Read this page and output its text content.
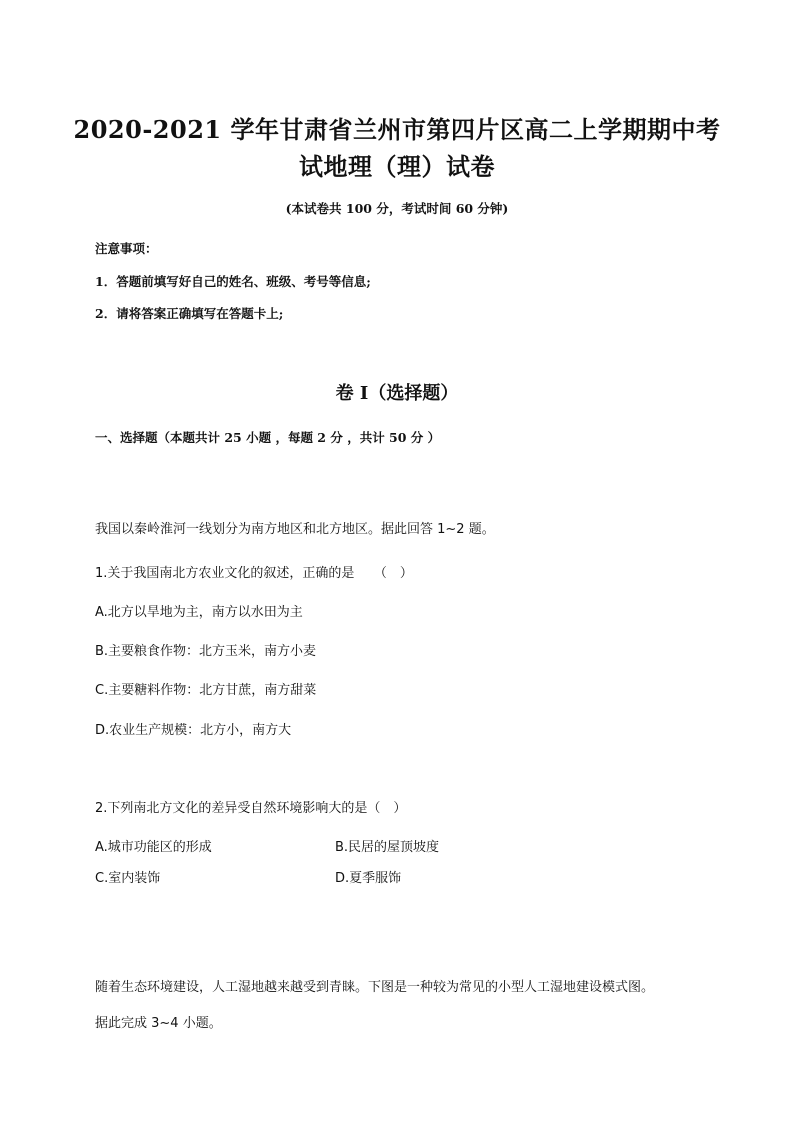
2020-2021 学年甘肃省兰州市第四片区高二上学期期中考
试地理（理）试卷
(本试卷共 100 分，考试时间 60 分钟)
注意事项：
1．答题前填写好自己的姓名、班级、考号等信息;
2．请将答案正确填写在答题卡上;
卷 I（选择题）
一、选择题（本题共计 25 小题 ，每题 2 分 ，共计 50 分 ）
我国以秦岭淮河一线划分为南方地区和北方地区。据此回答 1~2 题。
1.关于我国南北方农业文化的叙述，正确的是　　（　）
A.北方以旱地为主，南方以水田为主
B.主要粮食作物：北方玉米，南方小麦
C.主要糖料作物：北方甘蔗，南方甜菜
D.农业生产规模：北方小，南方大
2.下列南北方文化的差异受自然环境影响大的是（　）
A.城市功能区的形成	B.民居的屋顶坡度
C.室内装饰	D.夏季服饰
随着生态环境建设，人工湿地越来越受到青睐。下图是一种较为常见的小型人工湿地建设模式图。
据此完成 3~4 小题。
